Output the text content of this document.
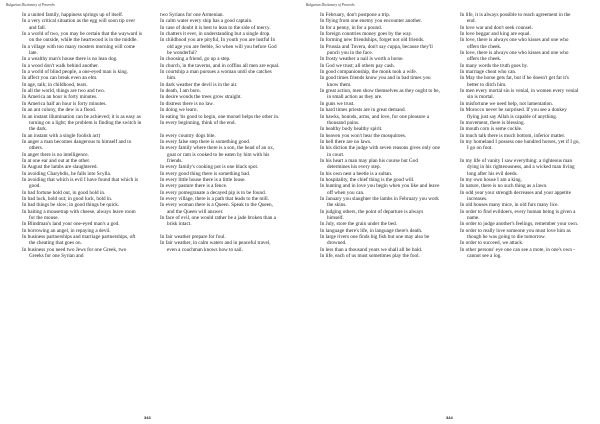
Bulgarian Dictionary of Proverbs
In a united family, happiness springs up of itself.
In a very critical situation as the egg will soon tip over and fall.
In a world of two, you may be certain that the wayward is on the outside, while the heartwood is in the middle.
In a village with too many roosters morning will come late.
In a wealthy man's house there is no lean dog.
In a wood don't walk behind another.
In a world of blind people, a one-eyed man is king.
In affect you can break even an elm.
In age, talk; in childhood, tears.
In all the world, things are two and two.
In America an hour is forty minutes.
In America half an hour is forty minutes.
In an ant colony, the dew is a flood.
In an instant illumination can be achieved; it is as easy as turning on a light; the problem is finding the switch in the dark.
In an instant with a single foolish act)
In anger a man becomes dangerous to himself and to others.
In anger there is no intelligence.
In at one ear and out at the other.
In August the lambs are slaughtered.
In avoiding Charybdis, he falls into Scylla.
In avoiding that which is evil I have found that which is good.
In bad fortune hold out, in good hold in.
In bad luck, hold out; in good luck, hold in.
In bad things be slow; in good things be quick.
In baiting a mousetrap with cheese, always leave room for the mouse.
In Blindman's land your one-eyed man's a god.
In borrowing an angel, in repaying a devil.
In business partnerships and marriage partnerships, oft the cheating that goes on.
In business you need two Jews for one Greek, two Greeks for one Syrian and
two Syrians for one Armenian.
In calm water every ship has a good captain.
In case of doubt it is best to lean to the side of mercy.
In chatters it ever, in understanding but a single drop.
In childhood you are pityful, In youth you are lustful In old age you are feeble, So when will you before God be wonderful?
In choosing a friend, go up a step.
In church, in the taverns, and in coffins all men are equal.
In courtship a man pursues a woman until she catches him.
In dark weather the devil is in the air.
In death, I am born.
In desire wonds the trees grow straight.
In distress there is no law.
In doing we learn.
In eating 'tis good to begin, one morsel helps the other in.
In every beginning, think of the end.
In every country dogs bite.
In every false step there is something good.
In every family where there is a son, the head of an ox, goat or ram is cooked to be eaten by him with his friends.
In every family's cooking pot is one black spot.
In every good thing there is something bad.
In every little house there is a little louse.
In every pasture there is a fence.
In every pomegranate a decayed pip is to be found.
In every village, there is a path that leads to the mill.
In every woman there is a Queen. Speak to the Queen, and the Queen will answer.
In face of evil, one would rather be a jade broken than a brisk intact.
In fair weather prepare for foul.
In fair weather, in calm waters and in peaceful travel, even a coachman knows how to sail.
343
Bulgarian Dictionary of Proverbs
In February, don't postpone a trip.
In flying from one enemy you encounter another.
In for a penny, in for a pound.
In foreign countries money goes by the way.
In forming new friendships, forget not old friends.
In Prussia and Tuvera, don't say cuppa, because they'll punch you in the face.
In frosty weather a nail is worth a horse.
In God we trust; all others pay cash.
In good companionship, the monk took a wife.
In good times friends know you and in bad times you know them.
In great action, men show themselves as they ought to be, in small action as they are.
In guns we trust.
In hard times priests are in great demand.
In hawks, hounds, arms, and love, for one pleasure a thousand pains.
In healthy body healthy spirit.
In heaven you won't hear the mosquitoes.
In hell there are no laws.
In his diction the judge with seven reasons gives only one in court.
In his heart a man may plan his course but God determines his every step.
In his own nest a beetle is a sultan.
In hospitality, the chief thing is the good will.
In hunting and in love you begin when you like and leave off when you can.
In January you slaughter the lambs in February you work the skins.
In judging others, the point of departure is always himself.
In July, store the grain under the bed.
In language there's life, in language there's death.
In large rivers one finds big fish but one may also be drowned.
In less than a thousand years we shall all be bald.
In life, each of us must sometimes play the fool.
In life, it is always possible to reach agreement in the end.
In love war and don't seek counsel.
In love beggar and king are equal.
In love, there is always one who kisses and one who offers the cheek.
In love, there is always one who kisses and one who offers the cheek.
In many words the truth goes by.
In marriage cheat who can.
In May the horse gets fat, but if he doesn't get fat it's better to ditch him.
In men every mortal sin is venial, in women every venial sin is mortal.
In misfortune we need help, not lamentation.
In Morocco never be surprised. If you see a donkey flying just say Allah is capable of anything.
In movement, there is blessing.
In mouth corn is seme cockle.
In much talk there is much bottom, inferior matter.
In my homeland I possess one hundred horses, yet if I go, I go on foot.
In my life of vanity I saw everything: a righteous man dying in his righteousness, and a wicked man living long after his evil deeds.
In my own house I am a king.
In nature, there is no such thing as a lawn.
In odd year your strength decreases and your appetite increases.
In old houses many mice, in old furs many lice.
In order to find evildoers, every human being is given a name.
In order to judge another's feelings, remember your own.
In order to really love someone you must love him as though he was going to die tomorrow.
In order to succeed, we attack.
In other persons' eye one can see a mote, in one's own - cannot see a log.
344
